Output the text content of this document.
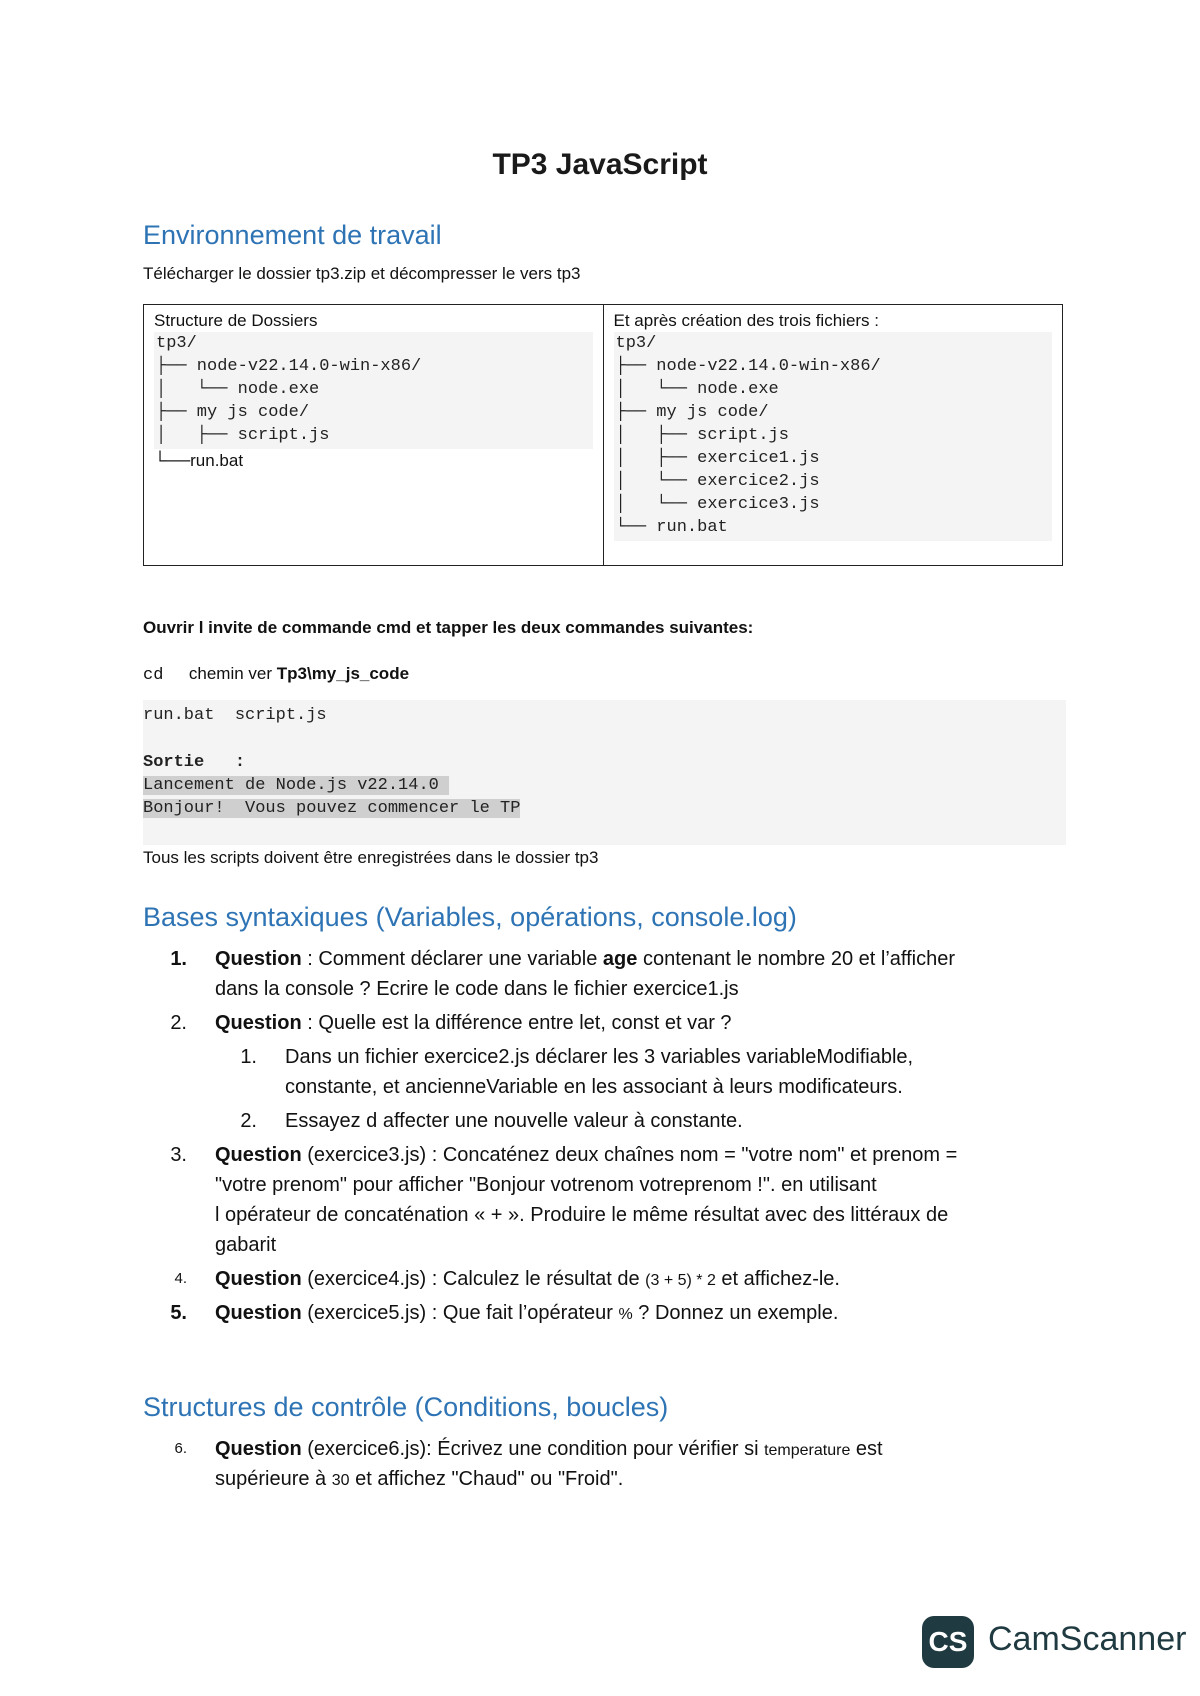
TP3 JavaScript
Environnement de travail
Télécharger le dossier tp3.zip et décompresser le vers tp3
Structure de Dossiers
tp3/
├── node-v22.14.0-win-x86/
│   └── node.exe
├── my js code/
│   ├── script.js
└──run.bat
Et après création des trois fichiers :
tp3/
├── node-v22.14.0-win-x86/
│   └── node.exe
├── my js code/
│   ├── script.js
│   ├── exercice1.js
│   └── exercice2.js
│   └── exercice3.js
└── run.bat
Ouvrir l invite de commande cmd et tapper les deux commandes suivantes:
cd chemin ver Tp3\my_js_code
run.bat  script.js
Sortie   :
Lancement de Node.js v22.14.0
Bonjour!  Vous pouvez commencer le TP
Tous les scripts doivent être enregistrées dans le dossier tp3
Bases syntaxiques (Variables, opérations, console.log)
1. Question : Comment déclarer une variable age contenant le nombre 20 et l’afficher
dans la console ? Ecrire le code dans le fichier exercice1.js
2. Question : Quelle est la différence entre let, const et var ?
1. Dans un fichier exercice2.js déclarer les 3 variables variableModifiable,
constante, et ancienneVariable en les associant à leurs modificateurs.
2. Essayez d affecter une nouvelle valeur à constante.
3. Question (exercice3.js) : Concaténez deux chaînes nom = "votre nom" et prenom =
"votre prenom" pour afficher "Bonjour votrenom votreprenom !". en utilisant
l opérateur de concaténation « + ». Produire le même résultat avec des littéraux de
gabarit
4. Question (exercice4.js) : Calculez le résultat de (3 + 5) * 2 et affichez-le.
5. Question (exercice5.js) : Que fait l’opérateur % ? Donnez un exemple.
Structures de contrôle (Conditions, boucles)
6. Question (exercice6.js): Écrivez une condition pour vérifier si temperature est
supérieure à 30 et affichez "Chaud" ou "Froid".
CS CamScanner
